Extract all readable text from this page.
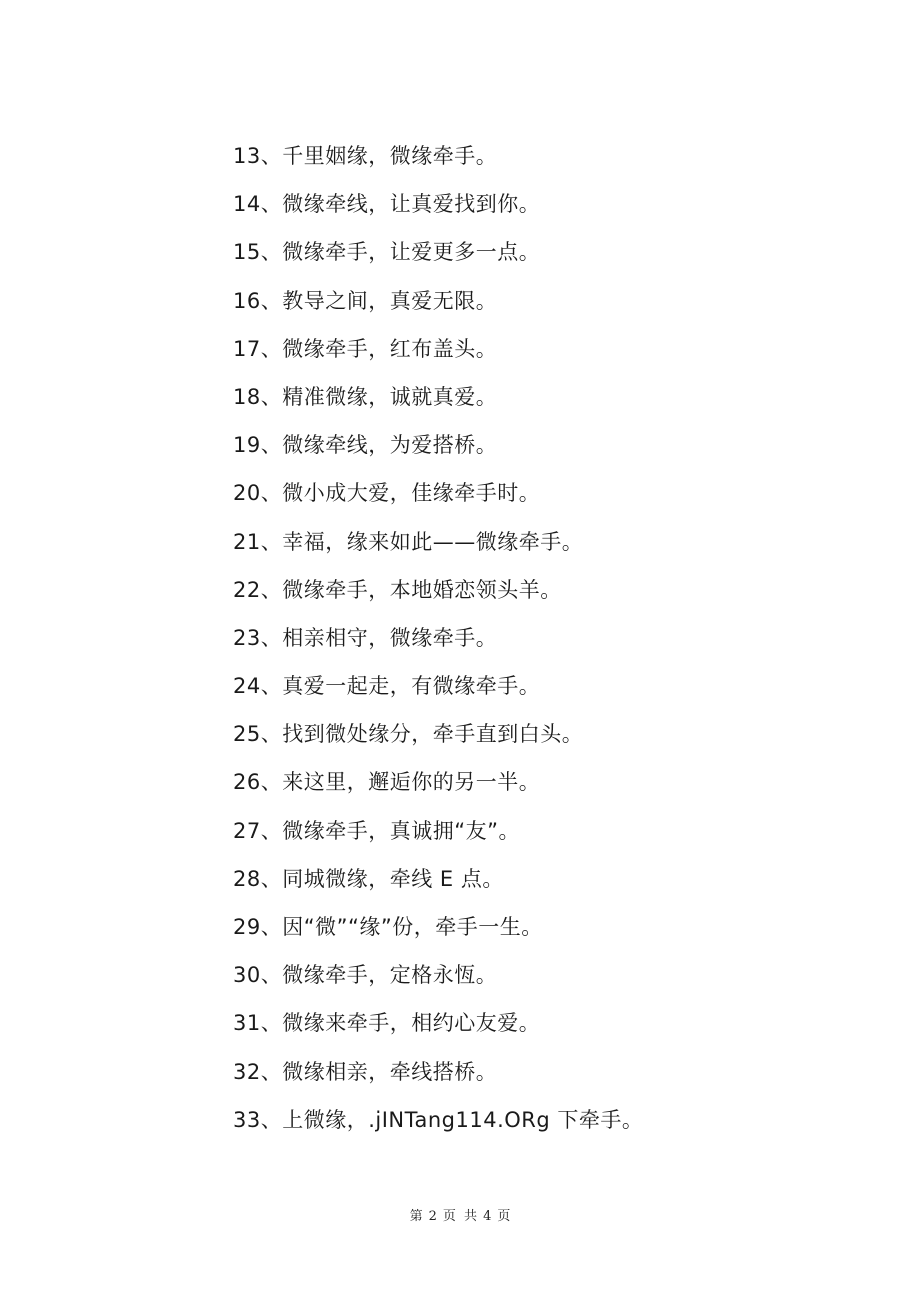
13、千里姻缘，微缘牵手。
14、微缘牵线，让真爱找到你。
15、微缘牵手，让爱更多一点。
16、教导之间，真爱无限。
17、微缘牵手，红布盖头。
18、精准微缘，诚就真爱。
19、微缘牵线，为爱搭桥。
20、微小成大爱，佳缘牵手时。
21、幸福，缘来如此——微缘牵手。
22、微缘牵手，本地婚恋领头羊。
23、相亲相守，微缘牵手。
24、真爱一起走，有微缘牵手。
25、找到微处缘分，牵手直到白头。
26、来这里，邂逅你的另一半。
27、微缘牵手，真诚拥“友”。
28、同城微缘，牵线 E 点。
29、因“微”“缘”份，牵手一生。
30、微缘牵手，定格永恆。
31、微缘来牵手，相约心友爱。
32、微缘相亲，牵线搭桥。
33、上微缘，.jINTang114.ORg 下牵手。
第 2 页 共 4 页
